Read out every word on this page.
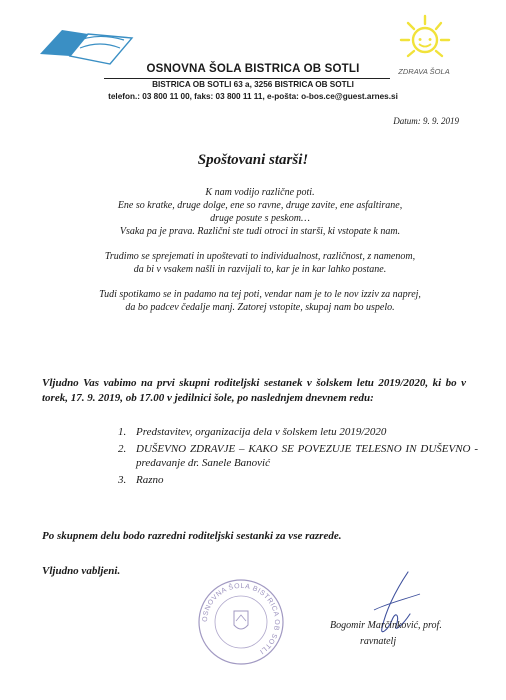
ZDRAVA ŠOLA
OSNOVNA ŠOLA BISTRICA OB SOTLI
BISTRICA OB SOTLI 63 a, 3256 BISTRICA OB SOTLI
telefon.: 03 800 11 00, faks: 03 800 11 11, e-pošta: o-bos.ce@guest.arnes.si
Datum: 9. 9. 2019
Spoštovani starši!

K nam vodijo različne poti.

Ene so kratke, druge dolge, ene so ravne, druge zavite, ene asfaltirane,

druge posute s peskom…

Vsaka pa je prava. Različni ste tudi otroci in starši, ki vstopate k nam.

Trudimo se sprejemati in upoštevati to individualnost, različnost, z namenom,

da bi v vsakem našli in razvijali to, kar je in kar lahko postane.

Tudi spotikamo se in padamo na tej poti, vendar nam je to le nov izziv za naprej,

da bo padcev čedalje manj. Zatorej vstopite, skupaj nam bo uspelo.

Vljudno Vas vabimo na prvi skupni roditeljski sestanek v šolskem letu 2019/2020, ki bo v torek, 17. 9. 2019, ob 17.00 v jedilnici šole, po naslednjem dnevnem redu:
1. Predstavitev, organizacija dela v šolskem letu 2019/2020
2. DUŠEVNO ZDRAVJE – KAKO SE POVEZUJE TELESNO IN DUŠEVNO - predavanje dr. Sanele Banović
3. Razno
Po skupnem delu bodo razredni roditeljski sestanki za vse razrede.
Vljudno vabljeni.
OSNOVNA ŠOLA BISTRICA OB SOTLI
Bogomir Marčinković, prof.
ravnatelj
